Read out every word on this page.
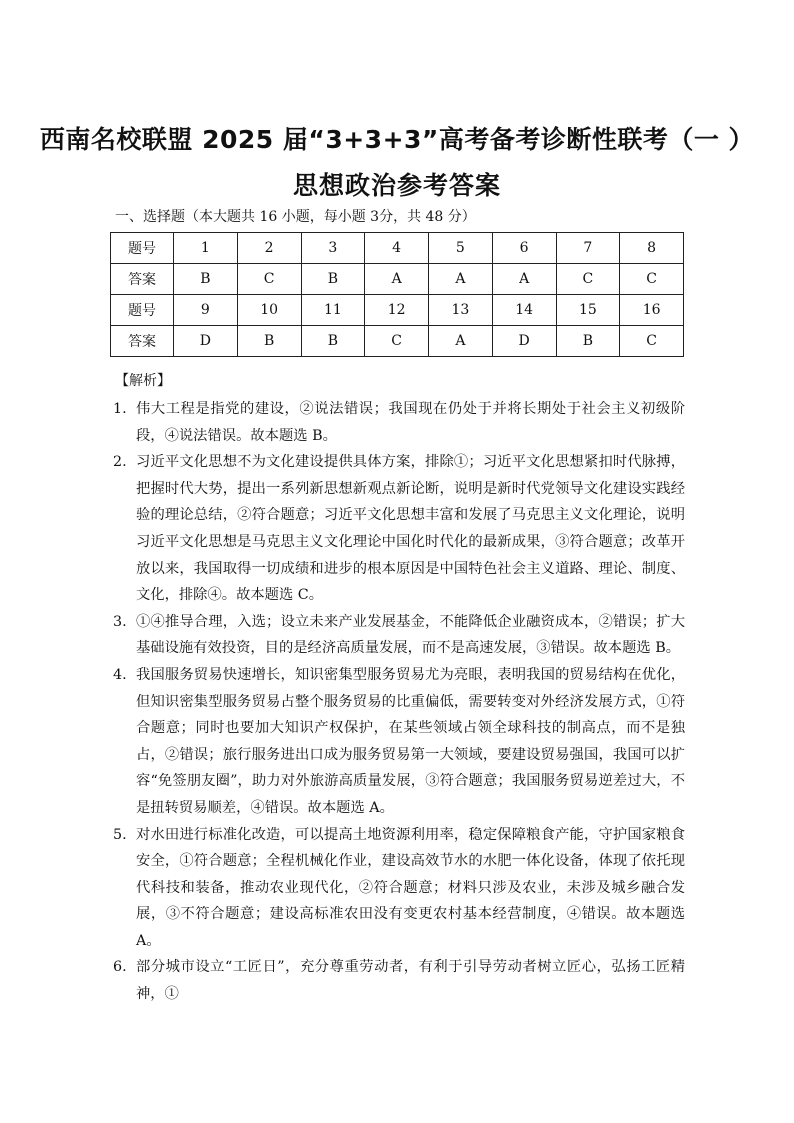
西南名校联盟 2025 届“3+3+3”高考备考诊断性联考（一 ）
思想政治参考答案
一、选择题（本大题共 16 小题，每小题 3分，共 48 分）
题号	1	2	3	4	5	6	7	8
答案	B	C	B	A	A	A	C	C
题号	9	10	11	12	13	14	15	16
答案	D	B	B	C	A	D	B	C
【解析】
1. 伟大工程是指党的建设，②说法错误；我国现在仍处于并将长期处于社会主义初级阶段，④说法错误。故本题选 B。
2. 习近平文化思想不为文化建设提供具体方案，排除①；习近平文化思想紧扣时代脉搏，把握时代大势，提出一系列新思想新观点新论断，说明是新时代党领导文化建设实践经验的理论总结，②符合题意；习近平文化思想丰富和发展了马克思主义文化理论，说明习近平文化思想是马克思主义文化理论中国化时代化的最新成果，③符合题意；改革开放以来，我国取得一切成绩和进步的根本原因是中国特色社会主义道路、理论、制度、文化，排除④。故本题选 C。
3. ①④推导合理，入选；设立未来产业发展基金，不能降低企业融资成本，②错误；扩大基础设施有效投资，目的是经济高质量发展，而不是高速发展，③错误。故本题选 B。
4. 我国服务贸易快速增长，知识密集型服务贸易尤为亮眼，表明我国的贸易结构在优化，但知识密集型服务贸易占整个服务贸易的比重偏低，需要转变对外经济发展方式，①符合题意；同时也要加大知识产权保护，在某些领域占领全球科技的制高点，而不是独占，②错误；旅行服务进出口成为服务贸易第一大领域，要建设贸易强国，我国可以扩容“免签朋友圈”，助力对外旅游高质量发展，③符合题意；我国服务贸易逆差过大，不是扭转贸易顺差，④错误。故本题选 A。
5. 对水田进行标准化改造，可以提高土地资源利用率，稳定保障粮食产能，守护国家粮食安全，①符合题意；全程机械化作业，建设高效节水的水肥一体化设备，体现了依托现代科技和装备，推动农业现代化，②符合题意；材料只涉及农业，未涉及城乡融合发展，③不符合题意；建设高标准农田没有变更农村基本经营制度，④错误。故本题选 A。
6. 部分城市设立“工匠日”，充分尊重劳动者，有利于引导劳动者树立匠心，弘扬工匠精神，①
